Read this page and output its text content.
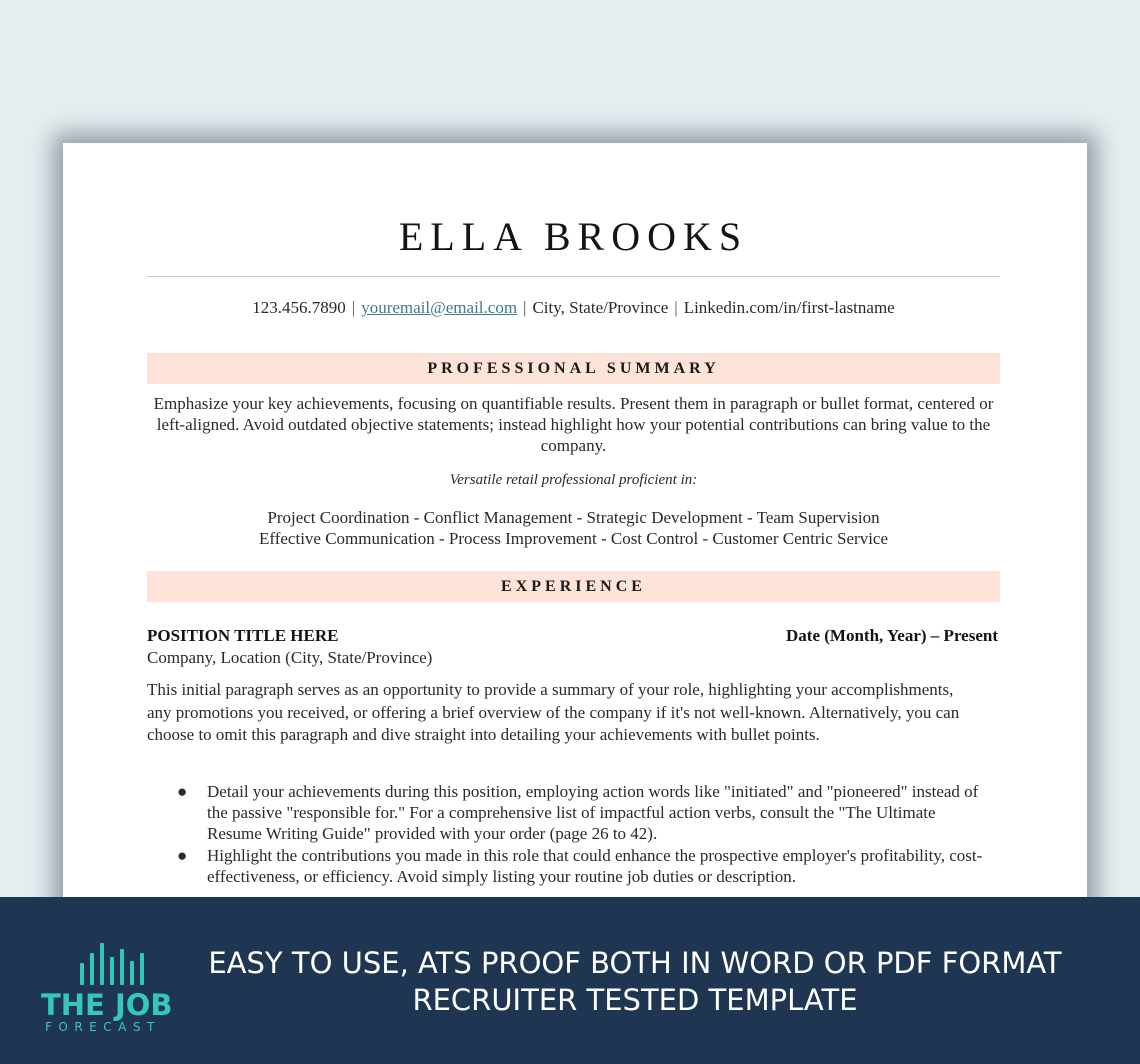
ELLA BROOKS
123.456.7890 | youremail@email.com | City, State/Province | Linkedin.com/in/first-lastname
PROFESSIONAL SUMMARY
Emphasize your key achievements, focusing on quantifiable results. Present them in paragraph or bullet format, centered or left-aligned. Avoid outdated objective statements; instead highlight how your potential contributions can bring value to the company.
Versatile retail professional proficient in:
Project Coordination - Conflict Management - Strategic Development - Team Supervision
Effective Communication - Process Improvement - Cost Control - Customer Centric Service
EXPERIENCE
POSITION TITLE HERE	Date (Month, Year) – Present
Company, Location (City, State/Province)
This initial paragraph serves as an opportunity to provide a summary of your role, highlighting your accomplishments, any promotions you received, or offering a brief overview of the company if it's not well-known. Alternatively, you can choose to omit this paragraph and dive straight into detailing your achievements with bullet points.
● Detail your achievements during this position, employing action words like "initiated" and "pioneered" instead of the passive "responsible for." For a comprehensive list of impactful action verbs, consult the "The Ultimate Resume Writing Guide" provided with your order (page 26 to 42).
● Highlight the contributions you made in this role that could enhance the prospective employer's profitability, cost-effectiveness, or efficiency. Avoid simply listing your routine job duties or description.
THE JOB
FORECAST
EASY TO USE, ATS PROOF BOTH IN WORD OR PDF FORMAT
RECRUITER TESTED TEMPLATE
